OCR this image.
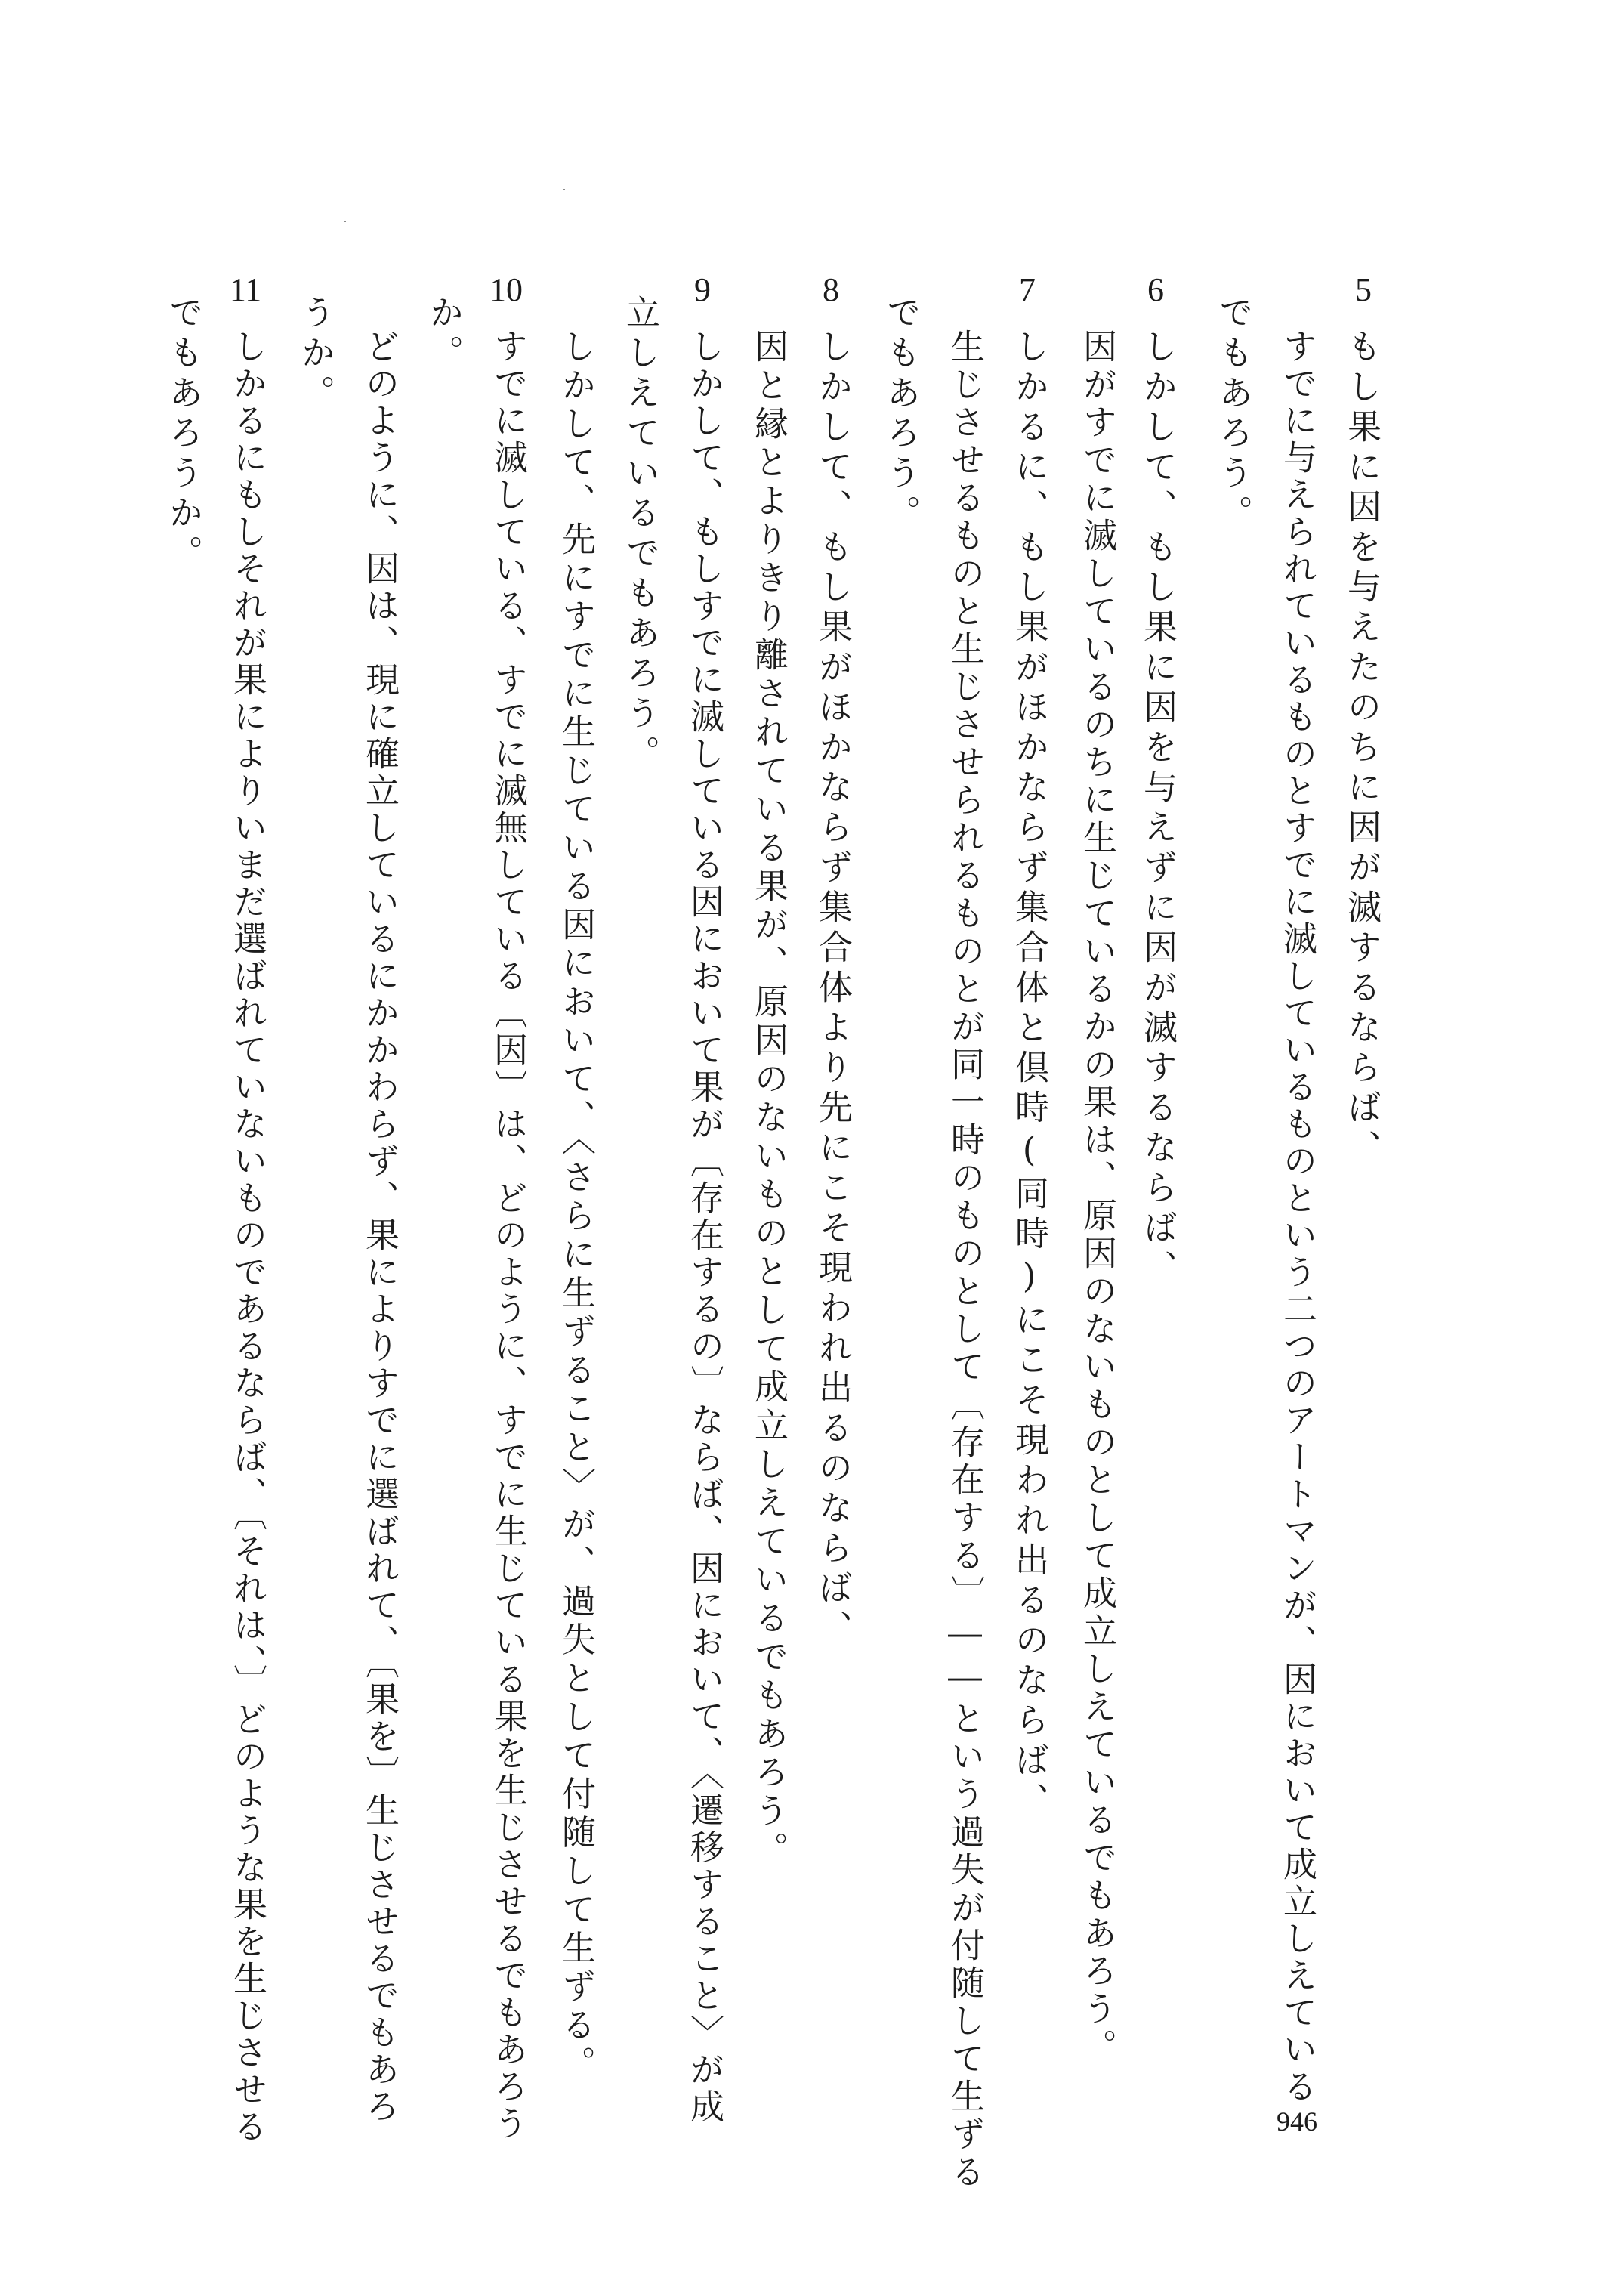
5
6
7
8
9
10
11
もし果に因を与えたのちに因が滅するならば、
すでに与えられているものとすでに滅しているものという二つのアートマンが、因において成立しえている
でもあろう。
しかして、もし果に因を与えずに因が滅するならば、
因がすでに滅しているのちに生じているかの果は、原因のないものとして成立しえているでもあろう。
しかるに、もし果がほかならず集合体と倶時(同時)にこそ現われ出るのならば、
生じさせるものと生じさせられるものとが同一時のものとして〔存在する〕――という過失が付随して生ずる
でもあろう。
しかして、もし果がほかならず集合体より先にこそ現われ出るのならば、
因と縁とよりきり離されている果が、原因のないものとして成立しえているでもあろう。
しかして、もしすでに滅している因において果が〔存在するの〕ならば、因において、〈遷移すること〉が成
立しえているでもあろう。
しかして、先にすでに生じている因において、〈さらに生ずること〉が、過失として付随して生ずる。
すでに滅している、すでに滅無している〔因〕は、どのように、すでに生じている果を生じさせるでもあろう
か。
どのように、因は、現に確立しているにかかわらず、果によりすでに選ばれて、〔果を〕生じさせるでもあろ
うか。
しかるにもしそれが果によりいまだ選ばれていないものであるならば、〔それは、〕どのような果を生じさせる
でもあろうか。
946
